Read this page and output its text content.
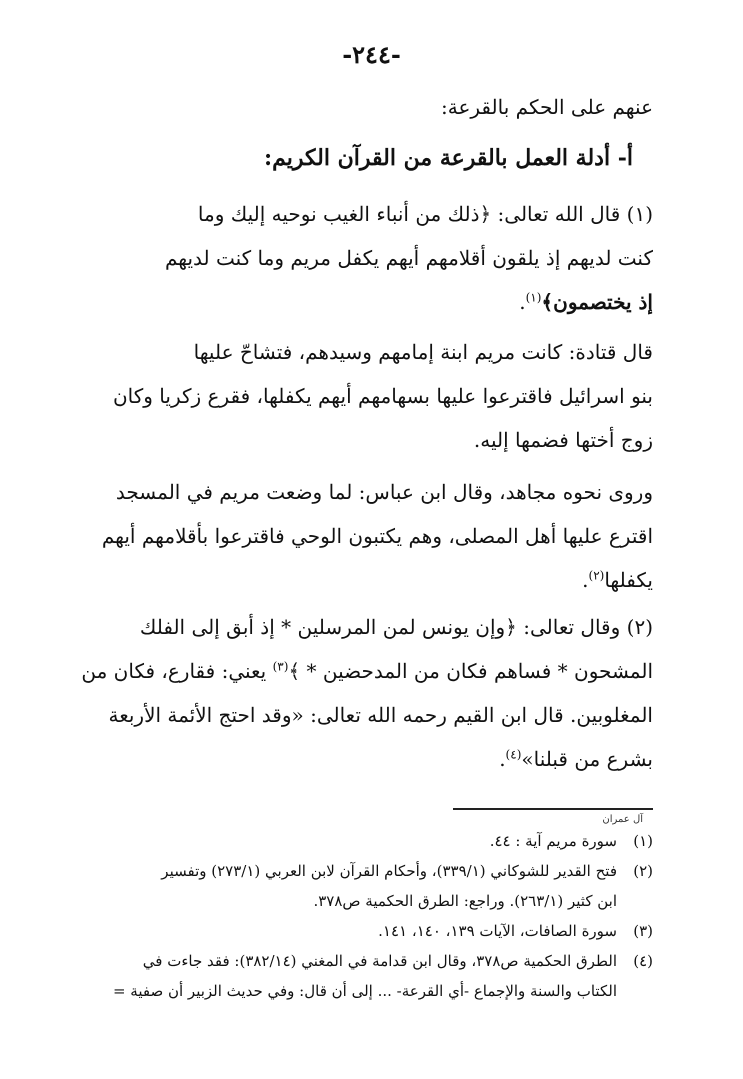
-٢٤٤-
عنهم على الحكم بالقرعة:
أ- أدلة العمل بالقرعة من القرآن الكريم:
(١) قال الله تعالى: ﴿ذلك من أنباء الغيب نوحيه إليك وما
كنت لديهم إذ يلقون أقلامهم أيهم يكفل مريم وما كنت لديهم
إذ يختصمون﴾$^{(١)}$.
قال قتادة: كانت مريم ابنة إمامهم وسيدهم، فتشاحّ عليها
بنو اسرائيل فاقترعوا عليها بسهامهم أيهم يكفلها، فقرع زكريا وكان
زوج أختها فضمها إليه.
وروى نحوه مجاهد، وقال ابن عباس: لما وضعت مريم في المسجد
اقترع عليها أهل المصلى، وهم يكتبون الوحي فاقترعوا بأقلامهم أيهم
يكفلها$^{(٢)}$.
(٢) وقال تعالى: ﴿وإن يونس لمن المرسلين * إذ أبق إلى الفلك
المشحون * فساهم فكان من المدحضين * ﴾$^{(٣)}$ يعني: فقارع، فكان من
المغلوبين. قال ابن القيم رحمه الله تعالى: «وقد احتج الأئمة الأربعة
بشرع من قبلنا»$^{(٤)}$.
آل عمران
(١)سورة مريم آية : ٤٤.
(٢)فتح القدير للشوكاني (٣٣٩/١)، وأحكام القرآن لابن العربي (٢٧٣/١) وتفسير
ابن كثير (٢٦٣/١). وراجع: الطرق الحكمية ص٣٧٨.
(٣)سورة الصافات، الآيات ١٣٩، ١٤٠، ١٤١.
(٤)الطرق الحكمية ص٣٧٨، وقال ابن قدامة في المغني (٣٨٢/١٤): فقد جاءت في
الكتاب والسنة والإجماع -أي القرعة- ... إلى أن قال: وفي حديث الزبير أن صفية =
